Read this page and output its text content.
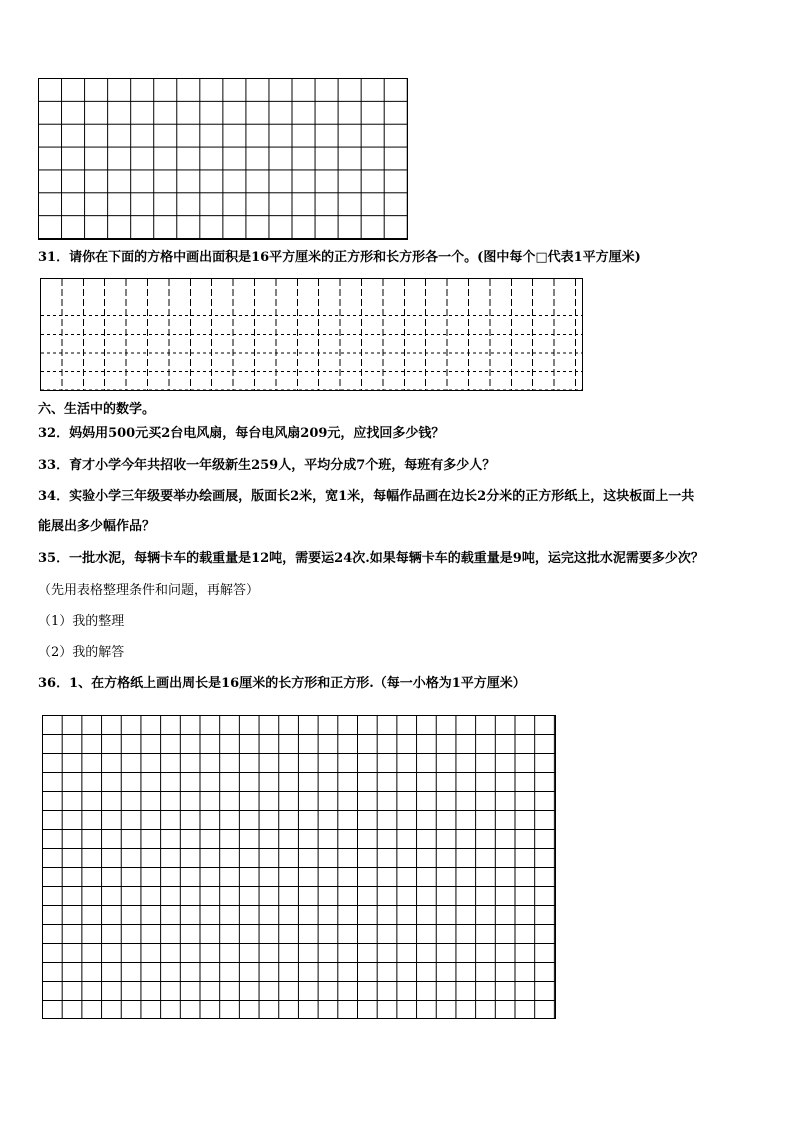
31．请你在下面的方格中画出面积是16平方厘米的正方形和长方形各一个。(图中每个□代表1平方厘米)
六、生活中的数学。
32．妈妈用500元买2台电风扇，每台电风扇209元，应找回多少钱？
33．育才小学今年共招收一年级新生259人，平均分成7个班，每班有多少人？
34．实验小学三年级要举办绘画展，版面长2米，宽1米，每幅作品画在边长2分米的正方形纸上，这块板面上一共
能展出多少幅作品？
35．一批水泥，每辆卡车的载重量是12吨，需要运24次.如果每辆卡车的载重量是9吨，运完这批水泥需要多少次？
（先用表格整理条件和问题，再解答）
（1）我的整理
（2）我的解答
36．1、在方格纸上画出周长是16厘米的长方形和正方形.（每一小格为1平方厘米）
